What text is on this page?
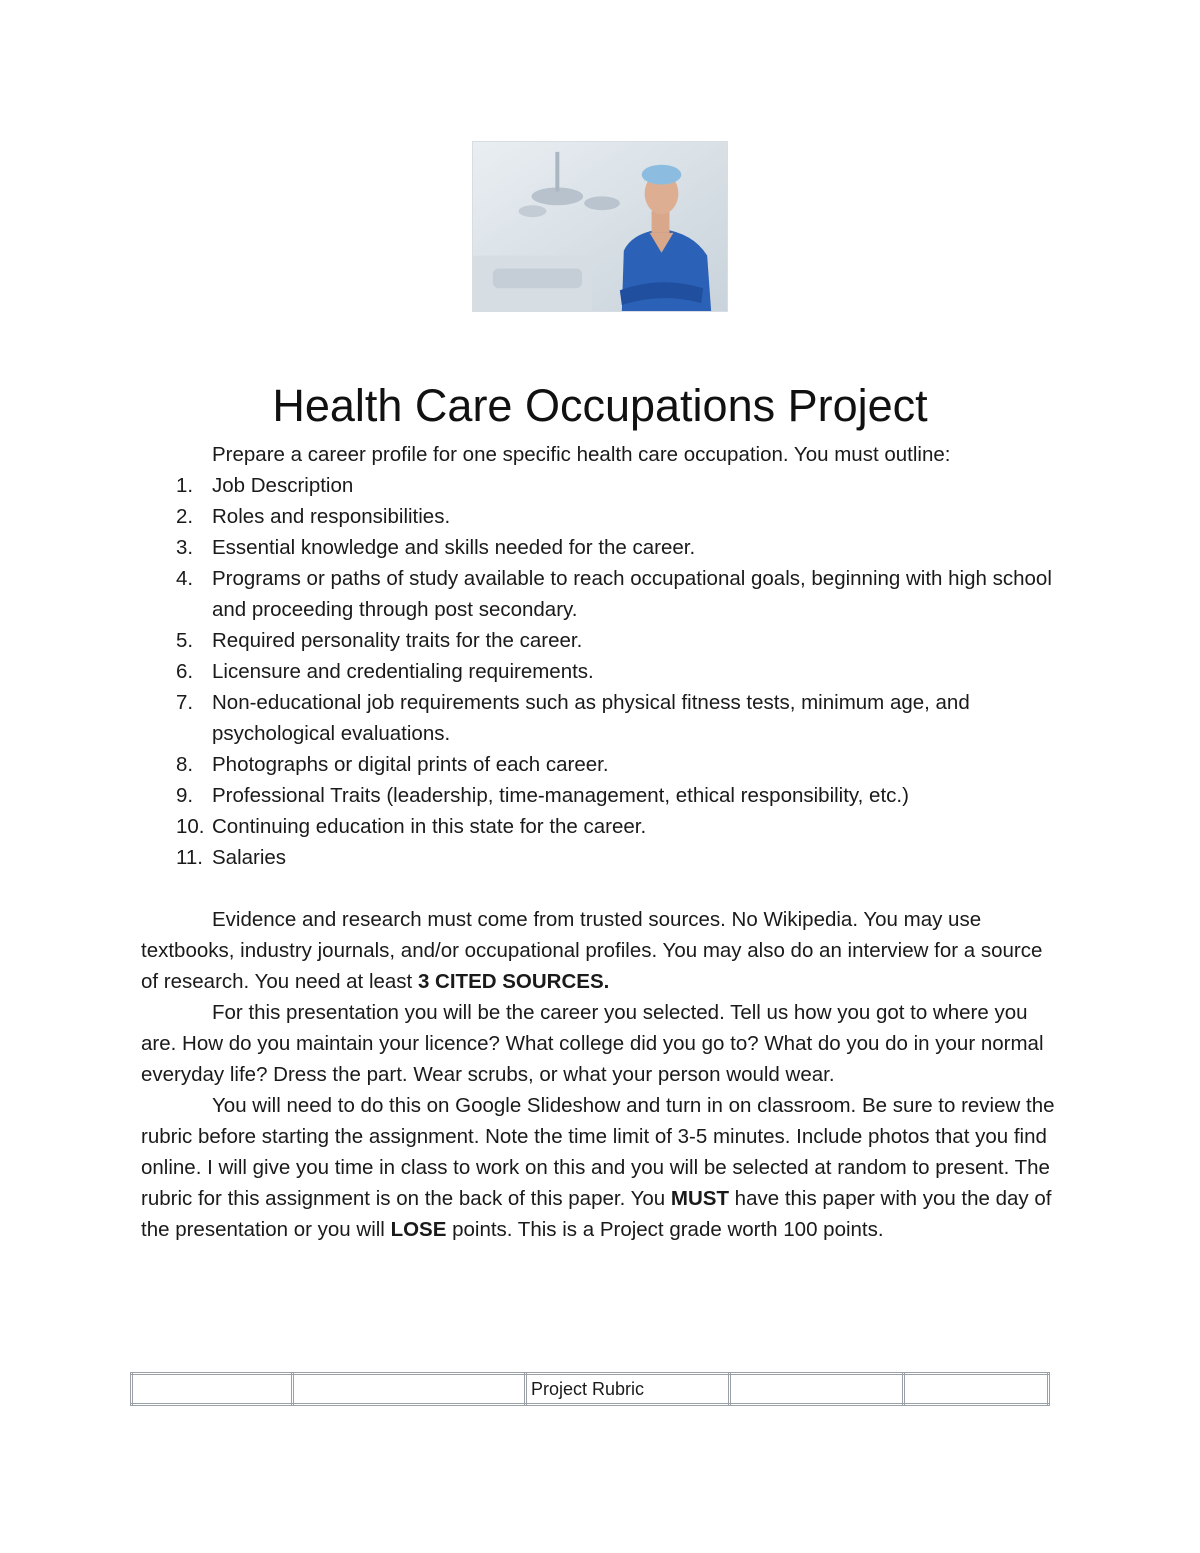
Health Care Occupations Project

Prepare a career profile for one specific health care occupation. You must outline:

1. Job Description
2. Roles and responsibilities.
3. Essential knowledge and skills needed for the career.
4. Programs or paths of study available to reach occupational goals, beginning with high school and proceeding through post secondary.
5. Required personality traits for the career.
6. Licensure and credentialing requirements.
7. Non-educational job requirements such as physical fitness tests, minimum age, and psychological evaluations.
8. Photographs or digital prints of each career.
9. Professional Traits (leadership, time-management, ethical responsibility, etc.)
10. Continuing education in this state for the career.
11. Salaries

Evidence and research must come from trusted sources. No Wikipedia. You may use textbooks, industry journals, and/or occupational profiles. You may also do an interview for a source of research. You need at least 3 CITED SOURCES.

For this presentation you will be the career you selected. Tell us how you got to where you are. How do you maintain your licence? What college did you go to? What do you do in your normal everyday life? Dress the part. Wear scrubs, or what your person would wear.

You will need to do this on Google Slideshow and turn in on classroom. Be sure to review the rubric before starting the assignment. Note the time limit of 3-5 minutes. Include photos that you find online. I will give you time in class to work on this and you will be selected at random to present. The rubric for this assignment is on the back of this paper. You MUST have this paper with you the day of the presentation or you will LOSE points. This is a Project grade worth 100 points.

		Project Rubric		
